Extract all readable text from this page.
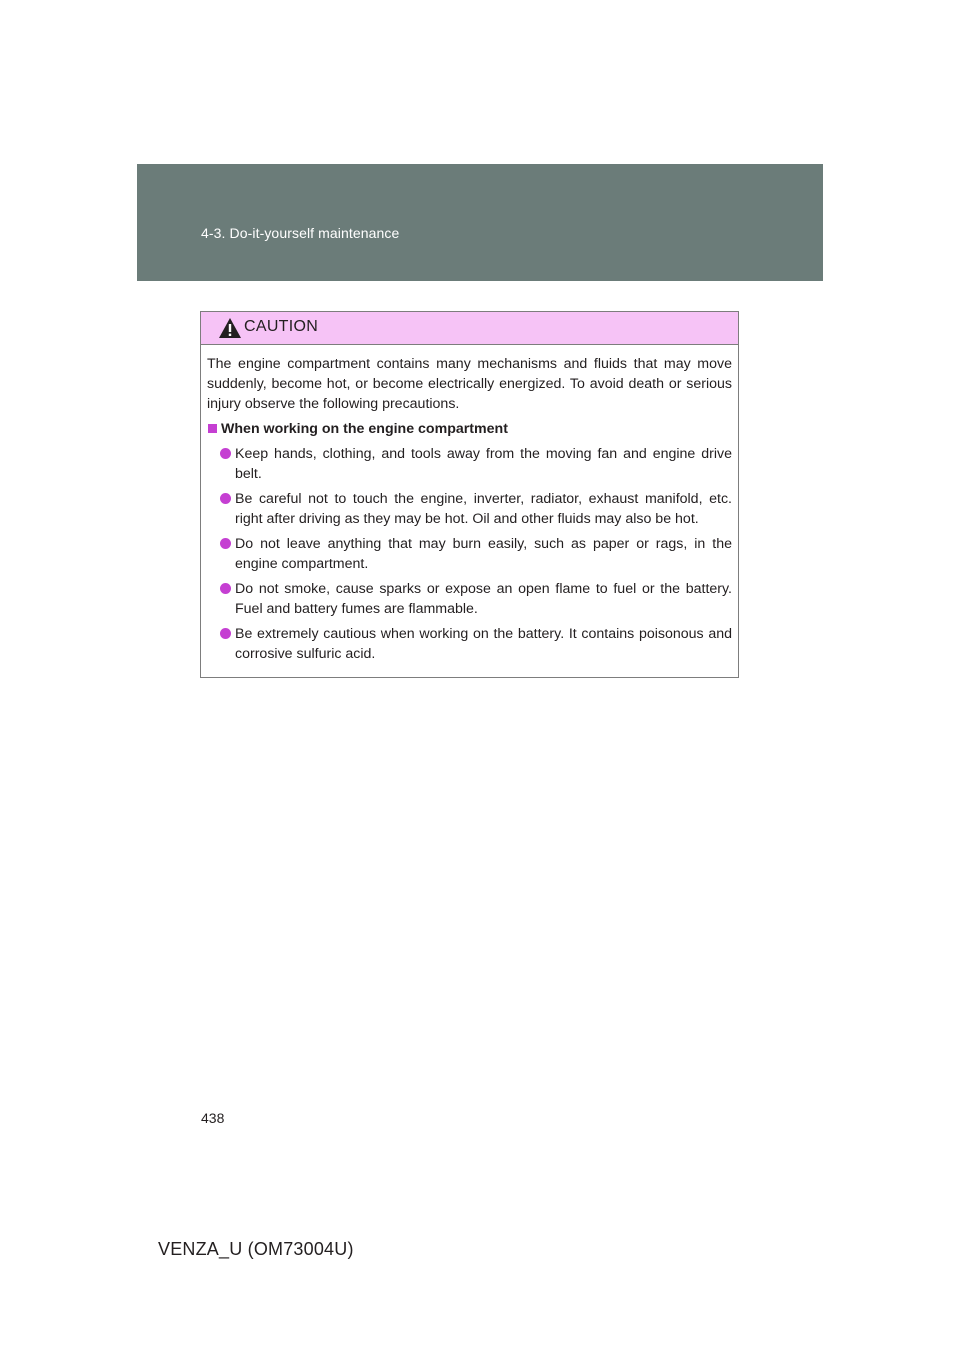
4-3. Do-it-yourself maintenance
CAUTION

The engine compartment contains many mechanisms and fluids that may move suddenly, become hot, or become electrically energized. To avoid death or serious injury observe the following precautions.

When working on the engine compartment
Keep hands, clothing, and tools away from the moving fan and engine drive belt.
Be careful not to touch the engine, inverter, radiator, exhaust manifold, etc. right after driving as they may be hot. Oil and other fluids may also be hot.
Do not leave anything that may burn easily, such as paper or rags, in the engine compartment.
Do not smoke, cause sparks or expose an open flame to fuel or the battery. Fuel and battery fumes are flammable.
Be extremely cautious when working on the battery. It contains poisonous and corrosive sulfuric acid.
438
VENZA_U (OM73004U)
